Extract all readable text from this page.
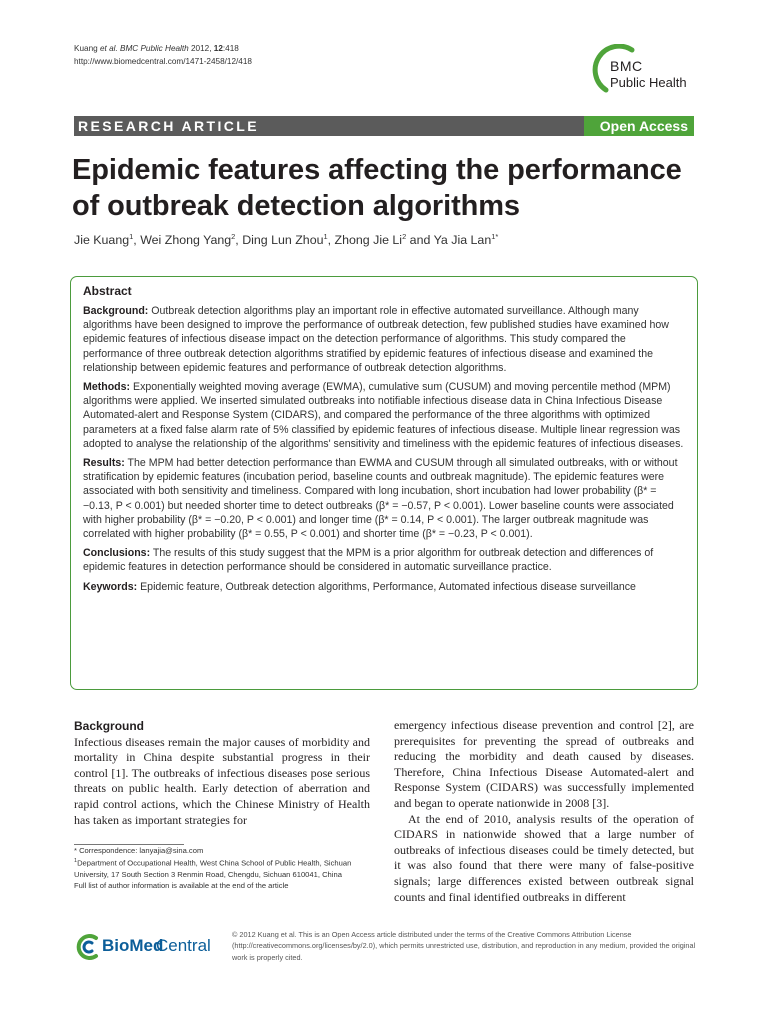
Kuang et al. BMC Public Health 2012, 12:418
http://www.biomedcentral.com/1471-2458/12/418	BMC
Public Health
RESEARCH ARTICLE	Open Access
Epidemic features affecting the performance of outbreak detection algorithms
Jie Kuang$^1$, Wei Zhong Yang$^2$, Ding Lun Zhou$^1$, Zhong Jie Li$^2$ and Ya Jia Lan$^{1*}$
Abstract

Background: Outbreak detection algorithms play an important role in effective automated surveillance. Although many algorithms have been designed to improve the performance of outbreak detection, few published studies have examined how epidemic features of infectious disease impact on the detection performance of algorithms. This study compared the performance of three outbreak detection algorithms stratified by epidemic features of infectious disease and examined the relationship between epidemic features and performance of outbreak detection algorithms.

Methods: Exponentially weighted moving average (EWMA), cumulative sum (CUSUM) and moving percentile method (MPM) algorithms were applied. We inserted simulated outbreaks into notifiable infectious disease data in China Infectious Disease Automated-alert and Response System (CIDARS), and compared the performance of the three algorithms with optimized parameters at a fixed false alarm rate of 5% classified by epidemic features of infectious disease. Multiple linear regression was adopted to analyse the relationship of the algorithms' sensitivity and timeliness with the epidemic features of infectious diseases.

Results: The MPM had better detection performance than EWMA and CUSUM through all simulated outbreaks, with or without stratification by epidemic features (incubation period, baseline counts and outbreak magnitude). The epidemic features were associated with both sensitivity and timeliness. Compared with long incubation, short incubation had lower probability (β* = −0.13, P < 0.001) but needed shorter time to detect outbreaks (β* = −0.57, P < 0.001). Lower baseline counts were associated with higher probability (β* = −0.20, P < 0.001) and longer time (β* = 0.14, P < 0.001). The larger outbreak magnitude was correlated with higher probability (β* = 0.55, P < 0.001) and shorter time (β* = −0.23, P < 0.001).

Conclusions: The results of this study suggest that the MPM is a prior algorithm for outbreak detection and differences of epidemic features in detection performance should be considered in automatic surveillance practice.

Keywords: Epidemic feature, Outbreak detection algorithms, Performance, Automated infectious disease surveillance

Background

Infectious diseases remain the major causes of morbidity and mortality in China despite substantial progress in their control [1]. The outbreaks of infectious diseases pose serious threats on public health. Early detection of aberration and rapid control actions, which the Chinese Ministry of Health has taken as important strategies for

emergency infectious disease prevention and control [2], are prerequisites for preventing the spread of outbreaks and reducing the morbidity and death caused by diseases. Therefore, China Infectious Disease Automated-alert and Response System (CIDARS) was successfully implemented and began to operate nationwide in 2008 [3].

At the end of 2010, analysis results of the operation of CIDARS in nationwide showed that a large number of outbreaks of infectious diseases could be timely detected, but it was also found that there were many of false-positive signals; large differences existed between outbreak signal counts and final identified outbreaks in different

* Correspondence: lanyajia@sina.com
$^1$Department of Occupational Health, West China School of Public Health, Sichuan University, 17 South Section 3 Renmin Road, Chengdu, Sichuan 610041, China
Full list of author information is available at the end of the article
BioMed
Central
© 2012 Kuang et al. This is an Open Access article distributed under the terms of the Creative Commons Attribution License (http://creativecommons.org/licenses/by/2.0), which permits unrestricted use, distribution, and reproduction in any medium, provided the original work is properly cited.
